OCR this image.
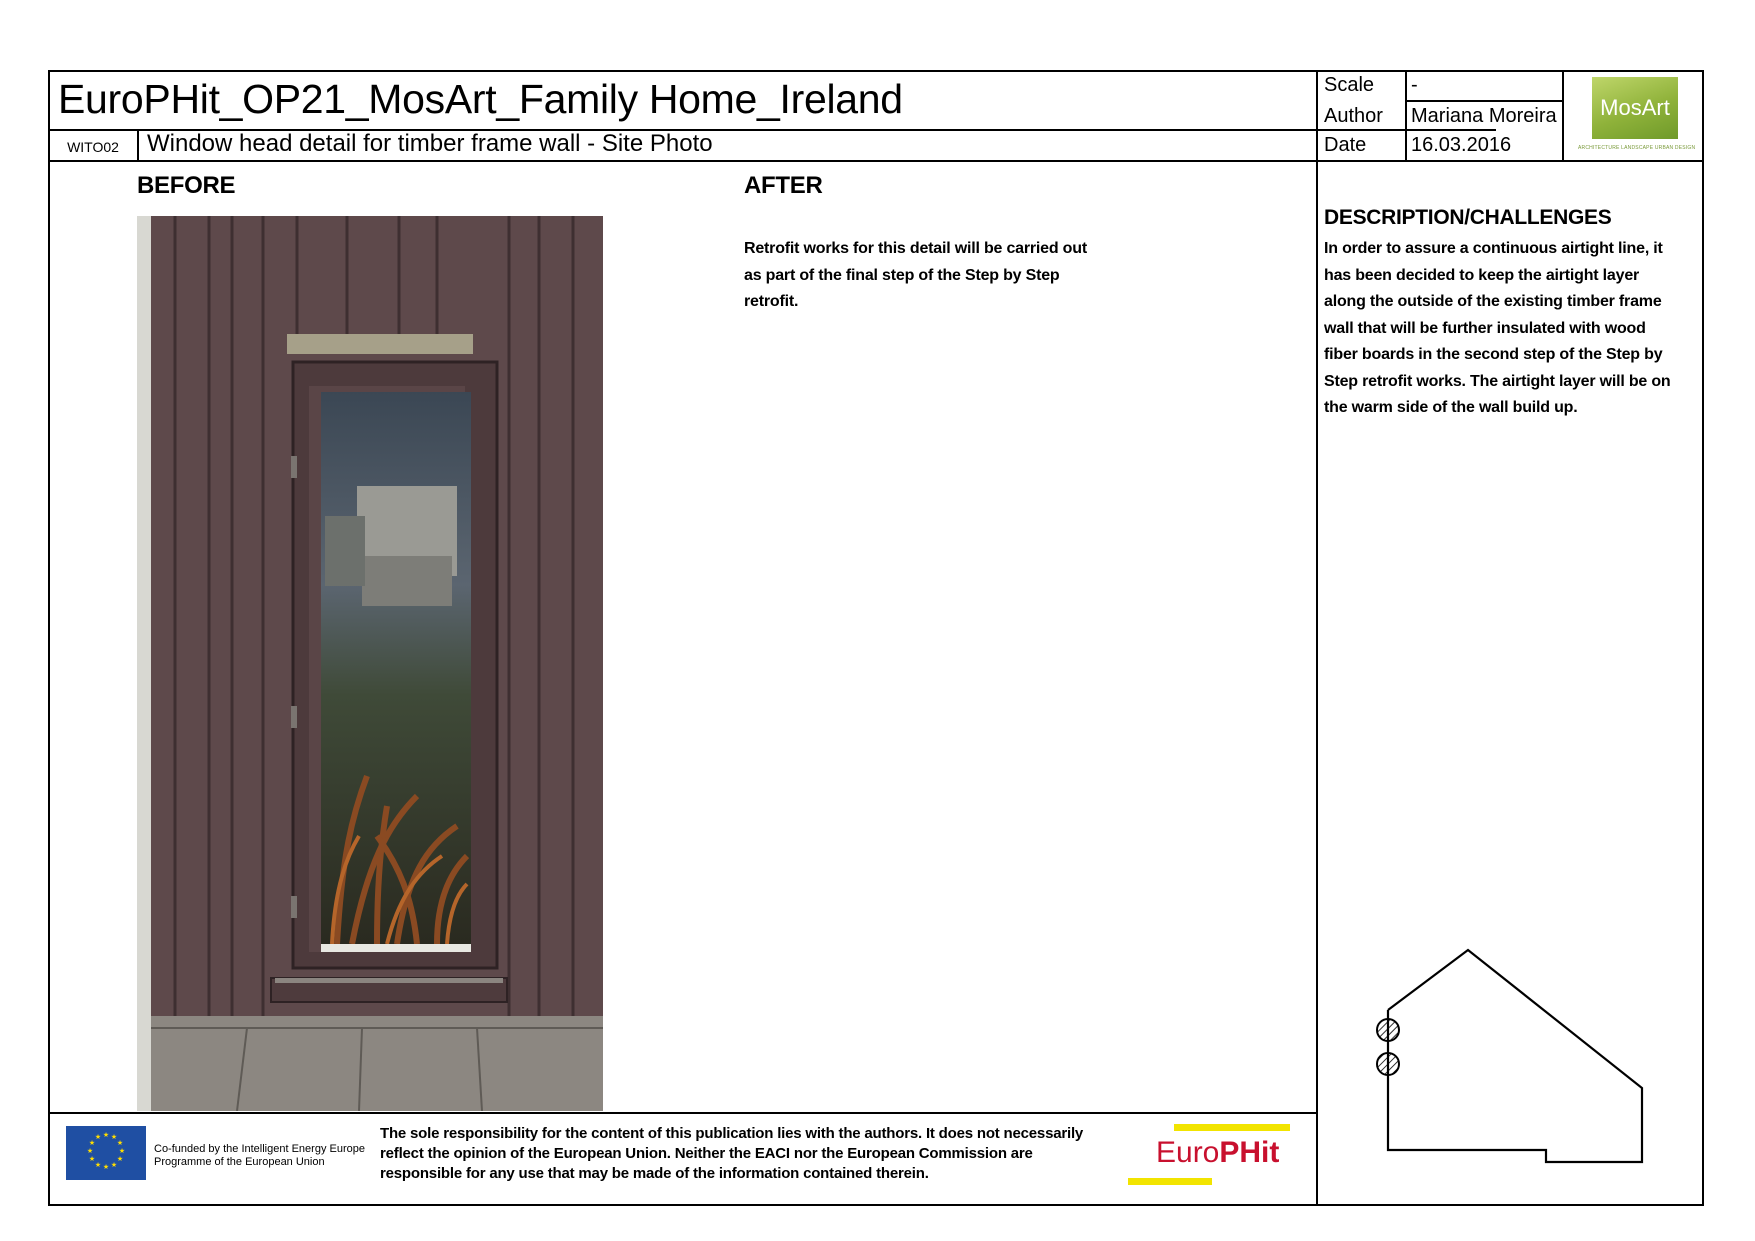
EuroPHit_OP21_MosArt_Family Home_Ireland
WITO02	Window head detail for timber frame wall - Site Photo
Scale -
Author Mariana Moreira
Date 16.03.2016
MosArt
ARCHITECTURE LANDSCAPE URBAN DESIGN
BEFORE	AFTER
Retrofit works for this detail will be carried out
as part of the final step of the Step by Step
retrofit.
DESCRIPTION/CHALLENGES
In order to assure a continuous airtight line, it
has been decided to keep the airtight layer
along the outside of the existing timber frame
wall that will be further insulated with wood
fiber boards in the second step of the Step by
Step retrofit works. The airtight layer will be on
the warm side of the wall build up.
★ ★
★
★
★
★
★
★
★
★
★
★
Co-funded by the Intelligent Energy Europe
Programme of the European Union
The sole responsibility for the content of this publication lies with the authors. It does not necessarily
reflect the opinion of the European Union. Neither the EACI nor the European Commission are
responsible for any use that may be made of the information contained therein.
EuroPHit
